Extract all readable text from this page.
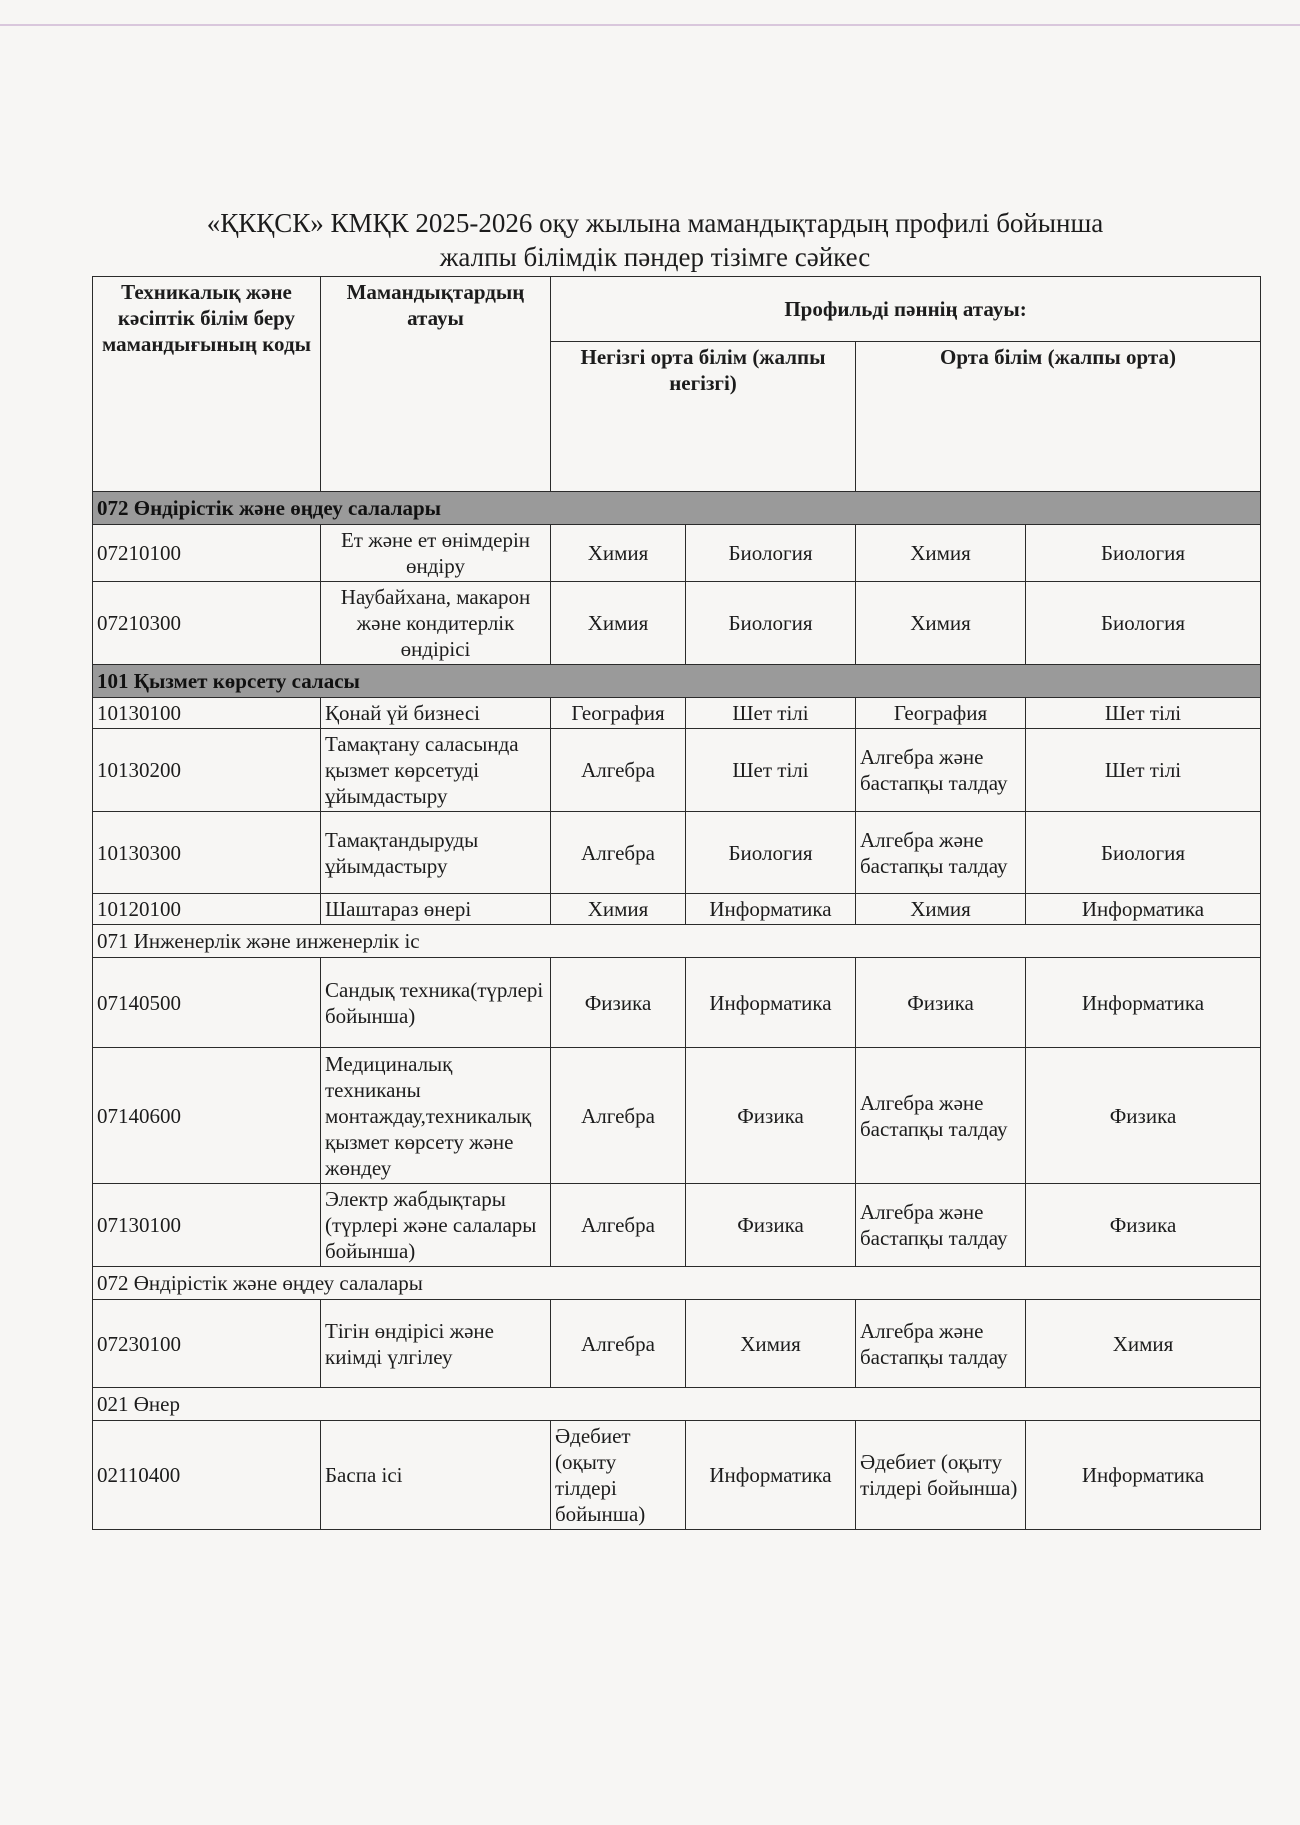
«ҚКҚСК» КМҚК 2025-2026 оқу жылына мамандықтардың профилі бойынша
жалпы білімдік пәндер тізімге сәйкес
Техникалық және кәсіптік білім беру мамандығының коды	Мамандықтардың атауы	Профильді пәннің атауы:			
		Негізгі орта білім (жалпы негізгі)		Орта білім (жалпы орта)	
072 Өндірістік және өңдеу салалары					
07210100	Ет және ет өнімдерін өндіру	Химия	Биология	Химия	Биология
07210300	Наубайхана, макарон және кондитерлік өндірісі	Химия	Биология	Химия	Биология
101 Қызмет көрсету саласы					
10130100	Қонай үй бизнесі	География	Шет тілі	География	Шет тілі
10130200	Тамақтану саласында қызмет көрсетуді ұйымдастыру	Алгебра	Шет тілі	Алгебра және бастапқы талдау	Шет тілі
10130300	Тамақтандыруды ұйымдастыру	Алгебра	Биология	Алгебра және бастапқы талдау	Биология
10120100	Шаштараз өнері	Химия	Информатика	Химия	Информатика
071 Инженерлік және инженерлік іс					
07140500	Сандық техника(түрлері бойынша)	Физика	Информатика	Физика	Информатика
07140600	Медициналық техниканы монтаждау,техникалық қызмет көрсету және жөндеу	Алгебра	Физика	Алгебра және бастапқы талдау	Физика
07130100	Электр жабдықтары (түрлері және салалары бойынша)	Алгебра	Физика	Алгебра және бастапқы талдау	Физика
072 Өндірістік және өңдеу салалары					
07230100	Тігін өндірісі және киімді үлгілеу	Алгебра	Химия	Алгебра және бастапқы талдау	Химия
021 Өнер					
02110400	Баспа ісі	Әдебиет (оқыту тілдері бойынша)	Информатика	Әдебиет (оқыту тілдері бойынша)	Информатика
